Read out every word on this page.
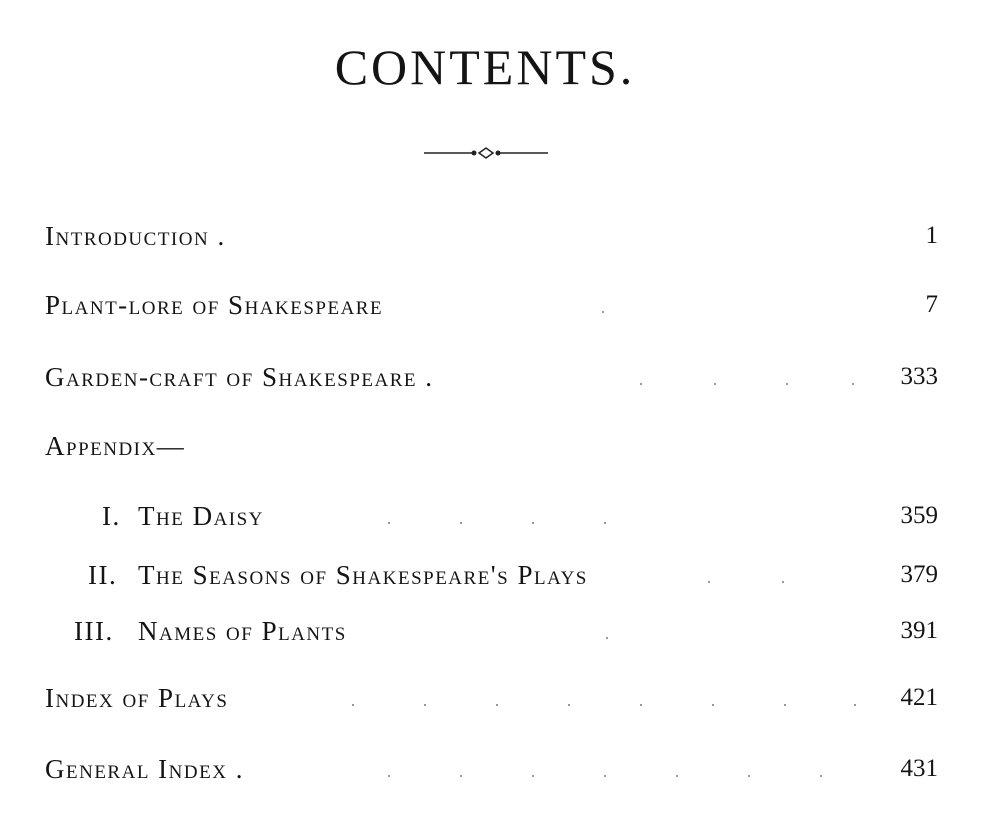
CONTENTS.
Introduction .	1
Plant-lore of Shakespeare	7
Garden-craft of Shakespeare .	333
Appendix—
I. The Daisy	359
II. The Seasons of Shakespeare's Plays	379
III. Names of Plants	391
Index of Plays	421
General Index .	431
